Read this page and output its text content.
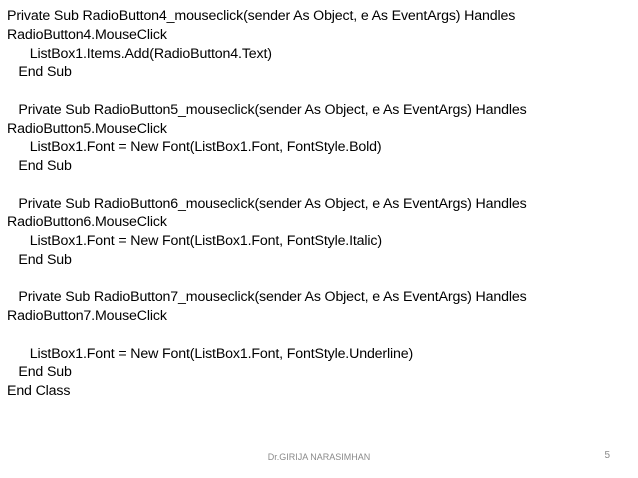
Private Sub RadioButton4_mouseclick(sender As Object, e As EventArgs) Handles
RadioButton4.MouseClick
ListBox1.Items.Add(RadioButton4.Text)
End Sub
Private Sub RadioButton5_mouseclick(sender As Object, e As EventArgs) Handles
RadioButton5.MouseClick
ListBox1.Font = New Font(ListBox1.Font, FontStyle.Bold)
End Sub
Private Sub RadioButton6_mouseclick(sender As Object, e As EventArgs) Handles
RadioButton6.MouseClick
ListBox1.Font = New Font(ListBox1.Font, FontStyle.Italic)
End Sub
Private Sub RadioButton7_mouseclick(sender As Object, e As EventArgs) Handles
RadioButton7.MouseClick
ListBox1.Font = New Font(ListBox1.Font, FontStyle.Underline)
End Sub
End Class
Dr.GIRIJA NARASIMHAN	5
